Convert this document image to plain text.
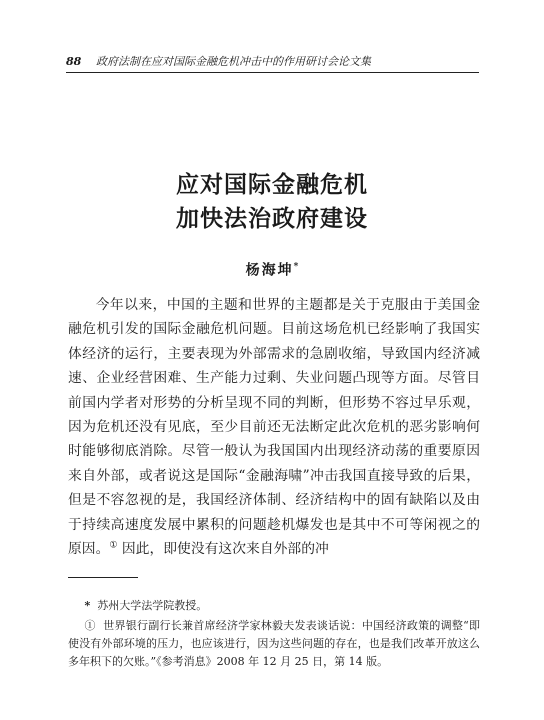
88 政府法制在应对国际金融危机冲击中的作用研讨会论文集
应对国际金融危机
加快法治政府建设
杨海坤*

今年以来，中国的主题和世界的主题都是关于克服由于美国金融危机引发的国际金融危机问题。目前这场危机已经影响了我国实体经济的运行，主要表现为外部需求的急剧收缩，导致国内经济减速、企业经营困难、生产能力过剩、失业问题凸现等方面。尽管目前国内学者对形势的分析呈现不同的判断，但形势不容过早乐观，因为危机还没有见底，至少目前还无法断定此次危机的恶劣影响何时能够彻底消除。尽管一般认为我国国内出现经济动荡的重要原因来自外部，或者说这是国际“金融海啸”冲击我国直接导致的后果，但是不容忽视的是，我国经济体制、经济结构中的固有缺陷以及由于持续高速度发展中累积的问题趁机爆发也是其中不可等闲视之的原因。① 因此，即使没有这次来自外部的冲

* 苏州大学法学院教授。

① 世界银行副行长兼首席经济学家林毅夫发表谈话说：中国经济政策的调整“即使没有外部环境的压力，也应该进行，因为这些问题的存在，也是我们改革开放这么多年积下的欠账。”《参考消息》2008 年 12 月 25 日，第 14 版。
